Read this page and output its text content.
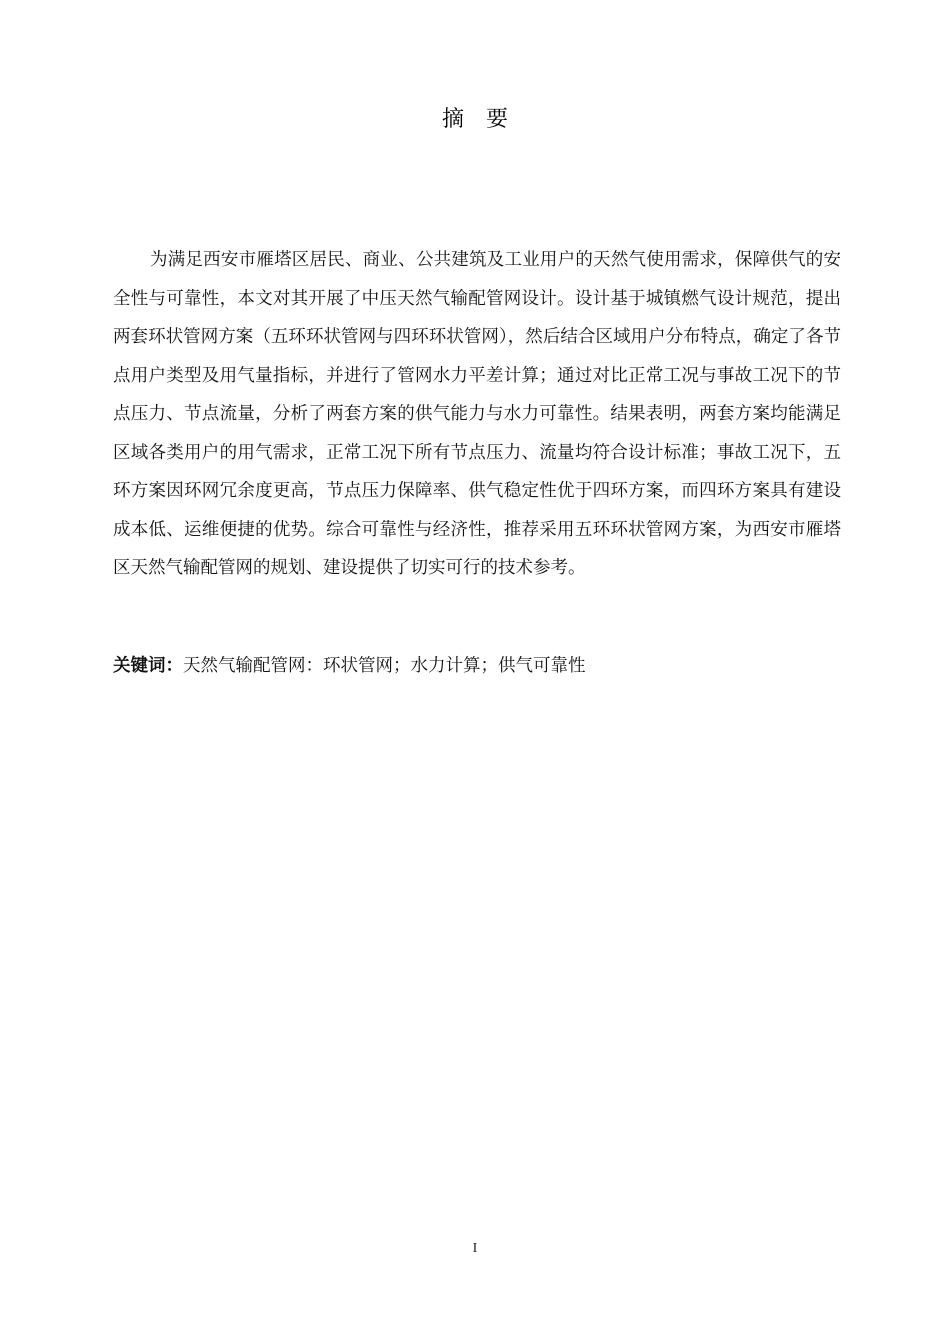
摘要
为满足西安市雁塔区居民、商业、公共建筑及工业用户的天然气使用需求，保障供气的安全性与可靠性，本文对其开展了中压天然气输配管网设计。设计基于城镇燃气设计规范，提出两套环状管网方案（五环环状管网与四环环状管网），然后结合区域用户分布特点，确定了各节点用户类型及用气量指标，并进行了管网水力平差计算；通过对比正常工况与事故工况下的节点压力、节点流量，分析了两套方案的供气能力与水力可靠性。结果表明，两套方案均能满足区域各类用户的用气需求，正常工况下所有节点压力、流量均符合设计标准；事故工况下，五环方案因环网冗余度更高，节点压力保障率、供气稳定性优于四环方案，而四环方案具有建设成本低、运维便捷的优势。综合可靠性与经济性，推荐采用五环环状管网方案，为西安市雁塔区天然气输配管网的规划、建设提供了切实可行的技术参考。
关键词：天然气输配管网：环状管网；水力计算；供气可靠性
I
